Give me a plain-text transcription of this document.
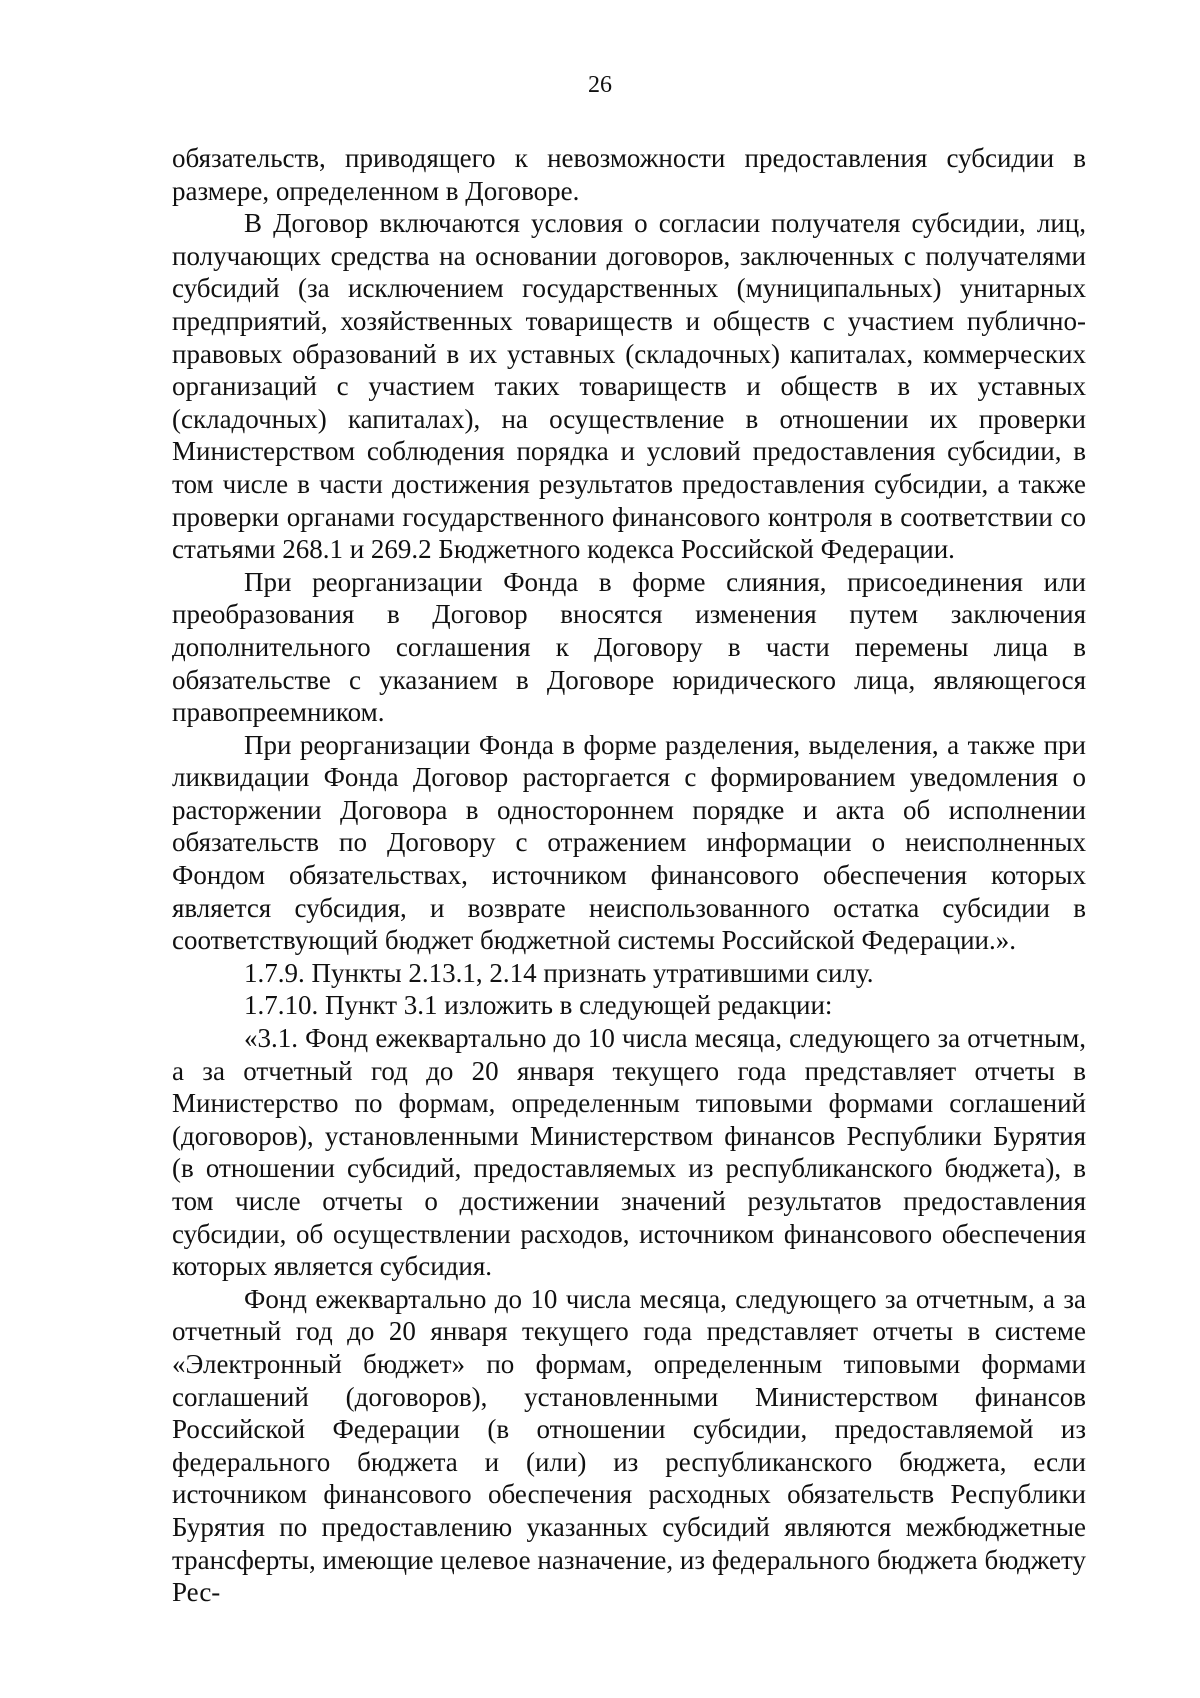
26

обязательств, приводящего к невозможности предоставления субсидии в размере, определенном в Договоре.

В Договор включаются условия о согласии получателя субсидии, лиц, получающих средства на основании договоров, заключенных с получателями субсидий (за исключением государственных (муниципальных) унитарных предприятий, хозяйственных товариществ и обществ с участием публично-правовых образований в их уставных (складочных) капиталах, коммерческих организаций с участием таких товариществ и обществ в их уставных (складочных) капиталах), на осуществление в отношении их проверки Министерством соблюдения порядка и условий предоставления субсидии, в том числе в части достижения результатов предоставления субсидии, а также проверки органами государственного финансового контроля в соответствии со статьями 268.1 и 269.2 Бюджетного кодекса Российской Федерации.

При реорганизации Фонда в форме слияния, присоединения или преобразования в Договор вносятся изменения путем заключения дополнительного соглашения к Договору в части перемены лица в обязательстве с указанием в Договоре юридического лица, являющегося правопреемником.

При реорганизации Фонда в форме разделения, выделения, а также при ликвидации Фонда Договор расторгается с формированием уведомления о расторжении Договора в одностороннем порядке и акта об исполнении обязательств по Договору с отражением информации о неисполненных Фондом обязательствах, источником финансового обеспечения которых является субсидия, и возврате неиспользованного остатка субсидии в соответствующий бюджет бюджетной системы Российской Федерации.».

1.7.9. Пункты 2.13.1, 2.14 признать утратившими силу.

1.7.10. Пункт 3.1 изложить в следующей редакции:

«3.1. Фонд ежеквартально до 10 числа месяца, следующего за отчетным, а за отчетный год до 20 января текущего года представляет отчеты в Министерство по формам, определенным типовыми формами соглашений (договоров), установленными Министерством финансов Республики Бурятия (в отношении субсидий, предоставляемых из республиканского бюджета), в том числе отчеты о достижении значений результатов предоставления субсидии, об осуществлении расходов, источником финансового обеспечения которых является субсидия.

Фонд ежеквартально до 10 числа месяца, следующего за отчетным, а за отчетный год до 20 января текущего года представляет отчеты в системе «Электронный бюджет» по формам, определенным типовыми формами соглашений (договоров), установленными Министерством финансов Российской Федерации (в отношении субсидии, предоставляемой из федерального бюджета и (или) из республиканского бюджета, если источником финансового обеспечения расходных обязательств Республики Бурятия по предоставлению указанных субсидий являются межбюджетные трансферты, имеющие целевое назначение, из федерального бюджета бюджету Рес-
